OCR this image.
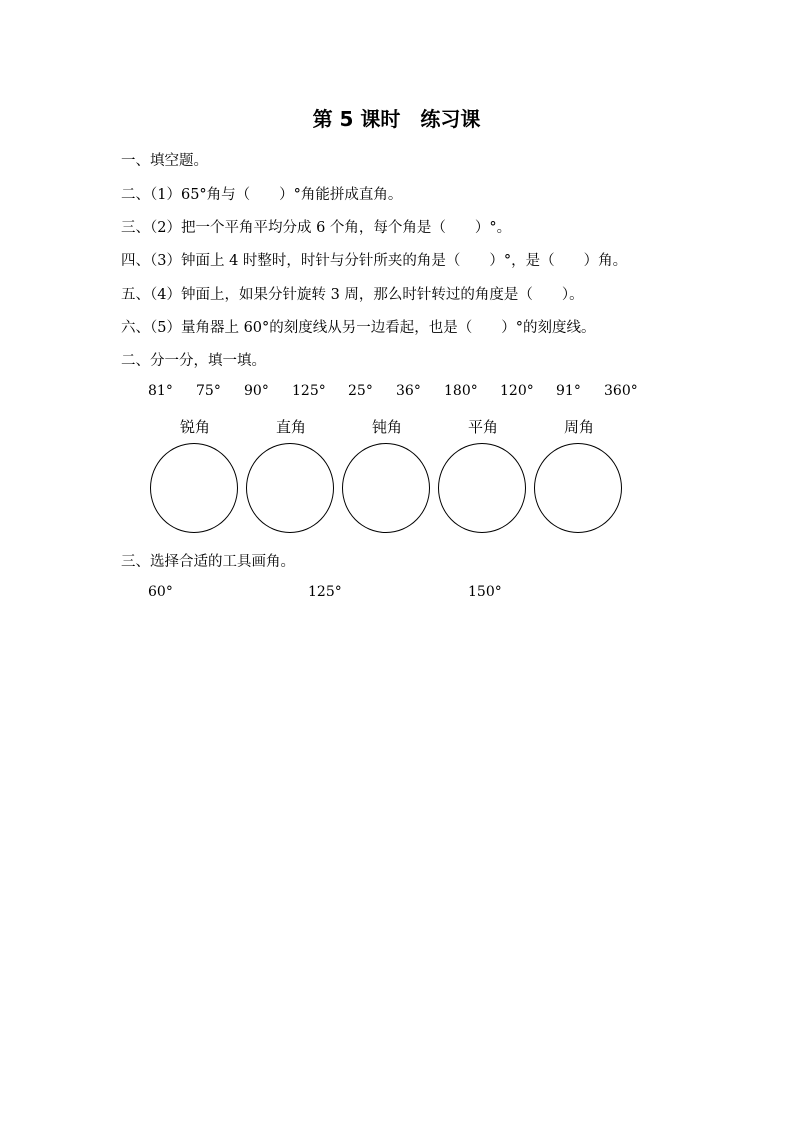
第 5 课时　练习课
一、填空题。
二、（1）65°角与（　　）°角能拼成直角。
三、（2）把一个平角平均分成 6 个角，每个角是（　　）°。
四、（3）钟面上 4 时整时，时针与分针所夹的角是（　　）°，是（　　）角。
五、（4）钟面上，如果分针旋转 3 周，那么时针转过的角度是（　　）。
六、（5）量角器上 60°的刻度线从另一边看起，也是（　　）°的刻度线。
二、分一分，填一填。
81° 75° 90° 125° 25° 36° 180° 120° 91° 360°
锐角	直角	钝角	平角	周角
三、选择合适的工具画角。
60°	125°	150°
